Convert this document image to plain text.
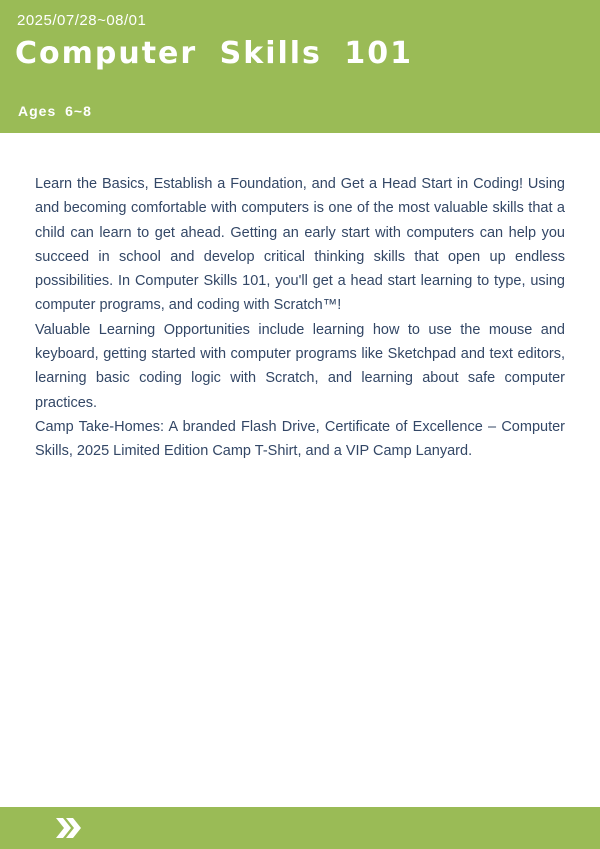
2025/07/28~08/01
Computer Skills 101
Ages 6~8

Learn the Basics, Establish a Foundation, and Get a Head Start in Coding! Using and becoming comfortable with computers is one of the most valuable skills that a child can learn to get ahead. Getting an early start with computers can help you succeed in school and develop critical thinking skills that open up endless possibilities. In Computer Skills 101, you'll get a head start learning to type, using computer programs, and coding with Scratch™!

Valuable Learning Opportunities include learning how to use the mouse and keyboard, getting started with computer programs like Sketchpad and text editors, learning basic coding logic with Scratch, and learning about safe computer practices.

Camp Take-Homes: A branded Flash Drive, Certificate of Excellence – Computer Skills, 2025 Limited Edition Camp T-Shirt, and a VIP Camp Lanyard.
